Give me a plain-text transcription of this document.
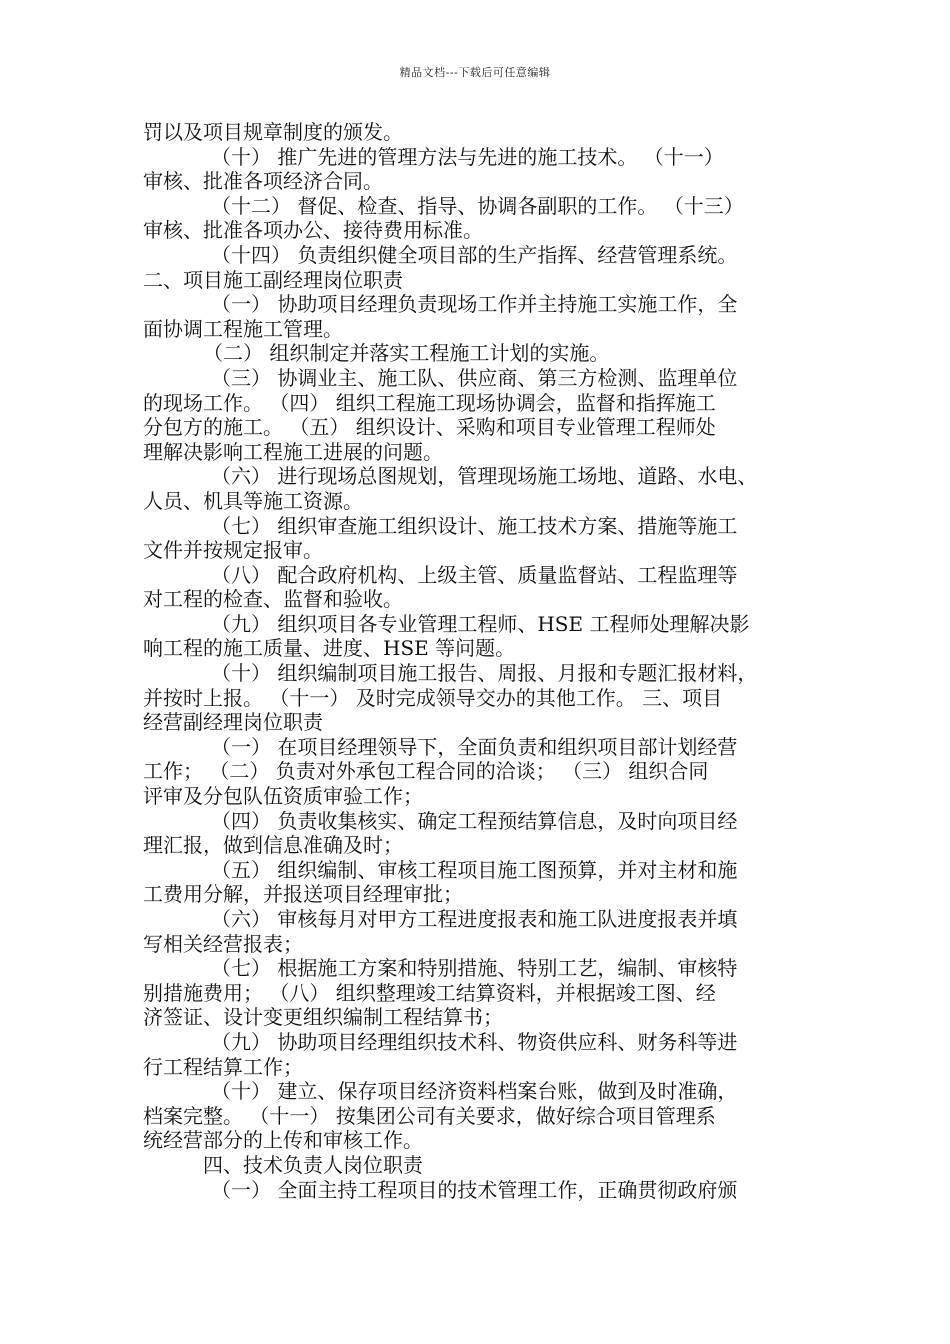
精品文档---下载后可任意编辑
罚以及项目规章制度的颁发。
（十） 推广先进的管理方法与先进的施工技术。 （十一）
审核、批准各项经济合同。
（十二） 督促、检查、指导、协调各副职的工作。 （十三）
审核、批准各项办公、接待费用标准。
（十四） 负责组织健全项目部的生产指挥、经营管理系统。
二、项目施工副经理岗位职责
（一） 协助项目经理负责现场工作并主持施工实施工作，全
面协调工程施工管理。
（二） 组织制定并落实工程施工计划的实施。
（三） 协调业主、施工队、供应商、第三方检测、监理单位
的现场工作。 （四） 组织工程施工现场协调会，监督和指挥施工
分包方的施工。 （五） 组织设计、采购和项目专业管理工程师处
理解决影响工程施工进展的问题。
（六） 进行现场总图规划，管理现场施工场地、道路、水电、
人员、机具等施工资源。
（七） 组织审查施工组织设计、施工技术方案、措施等施工
文件并按规定报审。
（八） 配合政府机构、上级主管、质量监督站、工程监理等
对工程的检查、监督和验收。
（九） 组织项目各专业管理工程师、HSE 工程师处理解决影
响工程的施工质量、进度、HSE 等问题。
（十） 组织编制项目施工报告、周报、月报和专题汇报材料，
并按时上报。 （十一） 及时完成领导交办的其他工作。 三、项目
经营副经理岗位职责
（一） 在项目经理领导下，全面负责和组织项目部计划经营
工作； （二） 负责对外承包工程合同的洽谈； （三） 组织合同
评审及分包队伍资质审验工作；
（四） 负责收集核实、确定工程预结算信息，及时向项目经
理汇报，做到信息准确及时；
（五） 组织编制、审核工程项目施工图预算，并对主材和施
工费用分解，并报送项目经理审批；
（六） 审核每月对甲方工程进度报表和施工队进度报表并填
写相关经营报表；
（七） 根据施工方案和特别措施、特别工艺，编制、审核特
别措施费用； （八） 组织整理竣工结算资料，并根据竣工图、经
济签证、设计变更组织编制工程结算书；
（九） 协助项目经理组织技术科、物资供应科、财务科等进
行工程结算工作；
（十） 建立、保存项目经济资料档案台账，做到及时准确，
档案完整。 （十一） 按集团公司有关要求，做好综合项目管理系
统经营部分的上传和审核工作。
四、技术负责人岗位职责
（一） 全面主持工程项目的技术管理工作，正确贯彻政府颁
